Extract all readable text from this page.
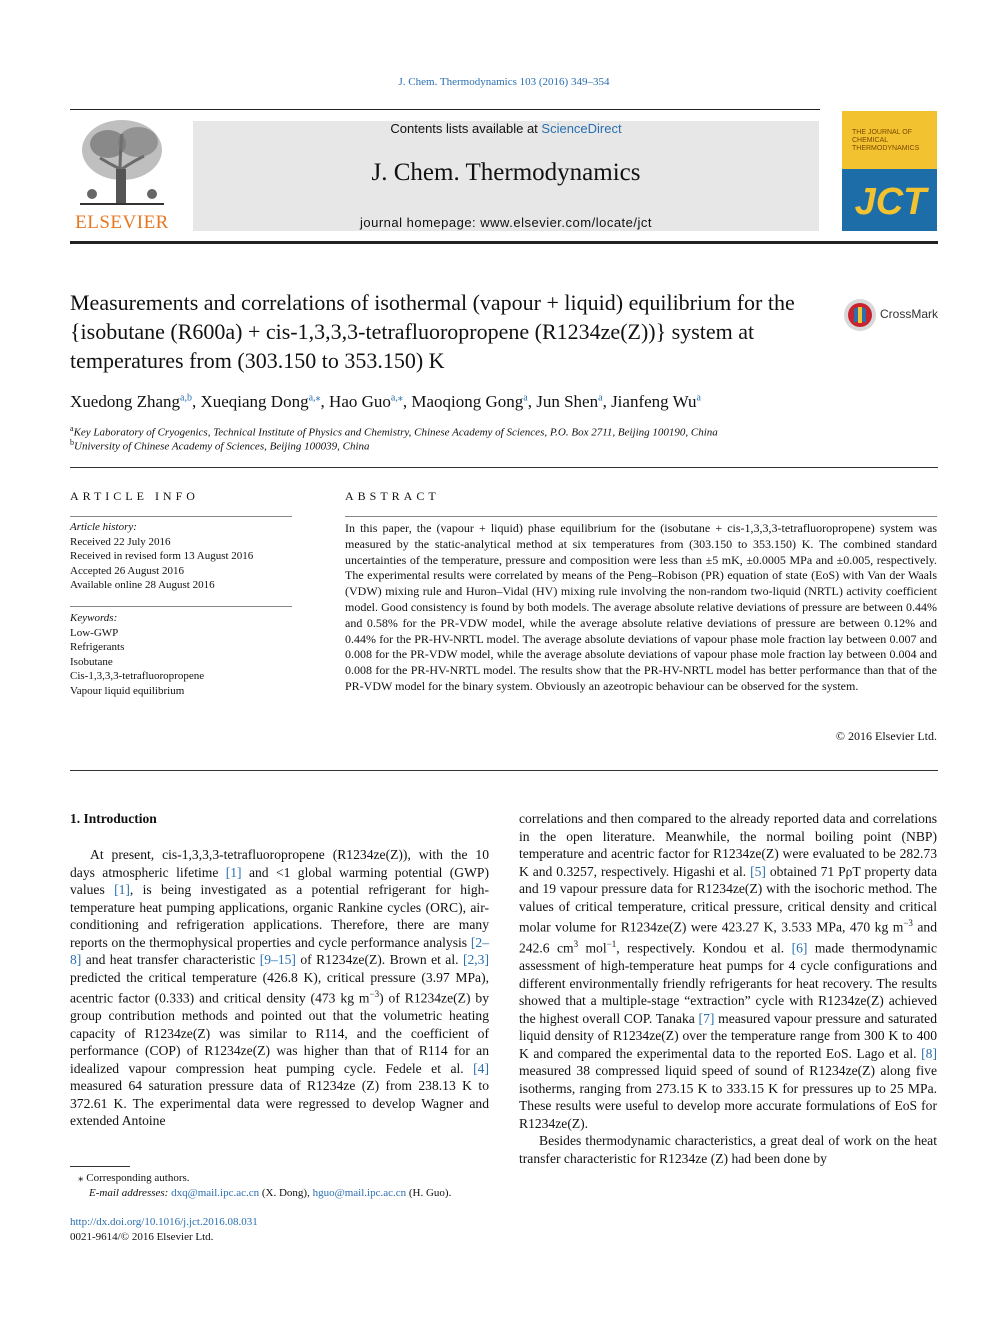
J. Chem. Thermodynamics 103 (2016) 349–354
ELSEVIER
Contents lists available at ScienceDirect
J. Chem. Thermodynamics
journal homepage: www.elsevier.com/locate/jct
THE JOURNAL OF CHEMICAL THERMODYNAMICS
JCT
Measurements and correlations of isothermal (vapour + liquid) equilibrium for the {isobutane (R600a) + cis-1,3,3,3-tetrafluoropropene (R1234ze(Z))} system at temperatures from (303.150 to 353.150) K
CrossMark
Xuedong Zhang$^{a,b}$, Xueqiang Dong$^{a,⁎}$, Hao Guo$^{a,⁎}$, Maoqiong Gong$^a$, Jun Shen$^a$, Jianfeng Wu$^a$
$^a$Key Laboratory of Cryogenics, Technical Institute of Physics and Chemistry, Chinese Academy of Sciences, P.O. Box 2711, Beijing 100190, China
$^b$University of Chinese Academy of Sciences, Beijing 100039, China
ARTICLE INFO
Article history:
Received 22 July 2016
Received in revised form 13 August 2016
Accepted 26 August 2016
Available online 28 August 2016
Keywords:
Low-GWP
Refrigerants
Isobutane
Cis-1,3,3,3-tetrafluoropropene
Vapour liquid equilibrium
ABSTRACT
In this paper, the (vapour + liquid) phase equilibrium for the (isobutane + cis-1,3,3,3-tetrafluoropropene) system was measured by the static-analytical method at six temperatures from (303.150 to 353.150) K. The combined standard uncertainties of the temperature, pressure and composition were less than ±5 mK, ±0.0005 MPa and ±0.005, respectively. The experimental results were correlated by means of the Peng–Robison (PR) equation of state (EoS) with Van der Waals (VDW) mixing rule and Huron–Vidal (HV) mixing rule involving the non-random two-liquid (NRTL) activity coefficient model. Good consistency is found by both models. The average absolute relative deviations of pressure are between 0.44% and 0.58% for the PR-VDW model, while the average absolute relative deviations of pressure are between 0.12% and 0.44% for the PR-HV-NRTL model. The average absolute deviations of vapour phase mole fraction lay between 0.007 and 0.008 for the PR-VDW model, while the average absolute deviations of vapour phase mole fraction lay between 0.004 and 0.008 for the PR-HV-NRTL model. The results show that the PR-HV-NRTL model has better performance than that of the PR-VDW model for the binary system. Obviously an azeotropic behaviour can be observed for the system.
© 2016 Elsevier Ltd.
1. Introduction

At present, cis-1,3,3,3-tetrafluoropropene (R1234ze(Z)), with the 10 days atmospheric lifetime [1] and <1 global warming potential (GWP) values [1], is being investigated as a potential refrigerant for high-temperature heat pumping applications, organic Rankine cycles (ORC), air-conditioning and refrigeration applications. Therefore, there are many reports on the thermophysical properties and cycle performance analysis [2–8] and heat transfer characteristic [9–15] of R1234ze(Z). Brown et al. [2,3] predicted the critical temperature (426.8 K), critical pressure (3.97 MPa), acentric factor (0.333) and critical density (473 kg $m^{-3}$) of R1234ze(Z) by group contribution methods and pointed out that the volumetric heating capacity of R1234ze(Z) was similar to R114, and the coefficient of performance (COP) of R1234ze(Z) was higher than that of R114 for an idealized vapour compression heat pumping cycle. Fedele et al. [4] measured 64 saturation pressure data of R1234ze (Z) from 238.13 K to 372.61 K. The experimental data were regressed to develop Wagner and extended Antoine

correlations and then compared to the already reported data and correlations in the open literature. Meanwhile, the normal boiling point (NBP) temperature and acentric factor for R1234ze(Z) were evaluated to be 282.73 K and 0.3257, respectively. Higashi et al. [5] obtained 71 PρT property data and 19 vapour pressure data for R1234ze(Z) with the isochoric method. The values of critical temperature, critical pressure, critical density and critical molar volume for R1234ze(Z) were 423.27 K, 3.533 MPa, 470 kg $m^{-3}$ and 242.6 $cm^3$ mol$^{-1}$, respectively. Kondou et al. [6] made thermodynamic assessment of high-temperature heat pumps for 4 cycle configurations and different environmentally friendly refrigerants for heat recovery. The results showed that a multiple-stage “extraction” cycle with R1234ze(Z) achieved the highest overall COP. Tanaka [7] measured vapour pressure and saturated liquid density of R1234ze(Z) over the temperature range from 300 K to 400 K and compared the experimental data to the reported EoS. Lago et al. [8] measured 38 compressed liquid speed of sound of R1234ze(Z) along five isotherms, ranging from 273.15 K to 333.15 K for pressures up to 25 MPa. These results were useful to develop more accurate formulations of EoS for R1234ze(Z).

Besides thermodynamic characteristics, a great deal of work on the heat transfer characteristic for R1234ze (Z) had been done by

⁎ Corresponding authors.
E-mail addresses: dxq@mail.ipc.ac.cn (X. Dong), hguo@mail.ipc.ac.cn (H. Guo).
http://dx.doi.org/10.1016/j.jct.2016.08.031
0021-9614/© 2016 Elsevier Ltd.
